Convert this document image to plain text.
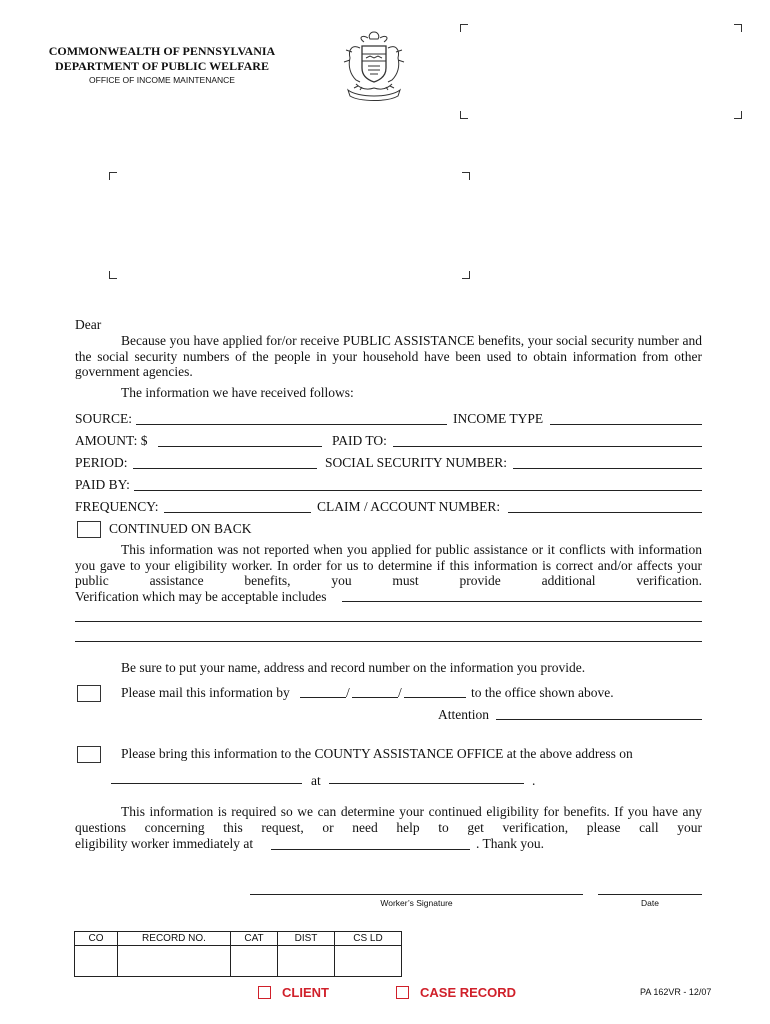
COMMONWEALTH OF PENNSYLVANIA
DEPARTMENT OF PUBLIC WELFARE
OFFICE OF INCOME MAINTENANCE
Dear
Because you have applied for/or receive PUBLIC ASSISTANCE benefits, your social security number and the social security numbers of the people in your household have been used to obtain information from other government agencies.
The information we have received follows:
SOURCE:	INCOME TYPE
AMOUNT: $	PAID TO:
PERIOD:	SOCIAL SECURITY NUMBER:
PAID BY:
FREQUENCY:	CLAIM / ACCOUNT NUMBER:
CONTINUED ON BACK
This information was not reported when you applied for public assistance or it conflicts with information you gave to your eligibility worker. In order for us to determine if this information is correct and/or affects your public assistance benefits, you must provide additional verification.
Verification which may be acceptable includes
Be sure to put your name, address and record number on the information you provide.
Please mail this information by	/	/	to the office shown above.
Attention
Please bring this information to the COUNTY ASSISTANCE OFFICE at the above address on
at	.
This information is required so we can determine your continued eligibility for benefits. If you have any questions concerning this request, or need help to get verification, please call your
eligibility worker immediately at	. Thank you.
Worker’s Signature	Date
CO	RECORD NO.	CAT	DIST	CS LD

CLIENT	CASE RECORD	PA 162VR - 12/07
